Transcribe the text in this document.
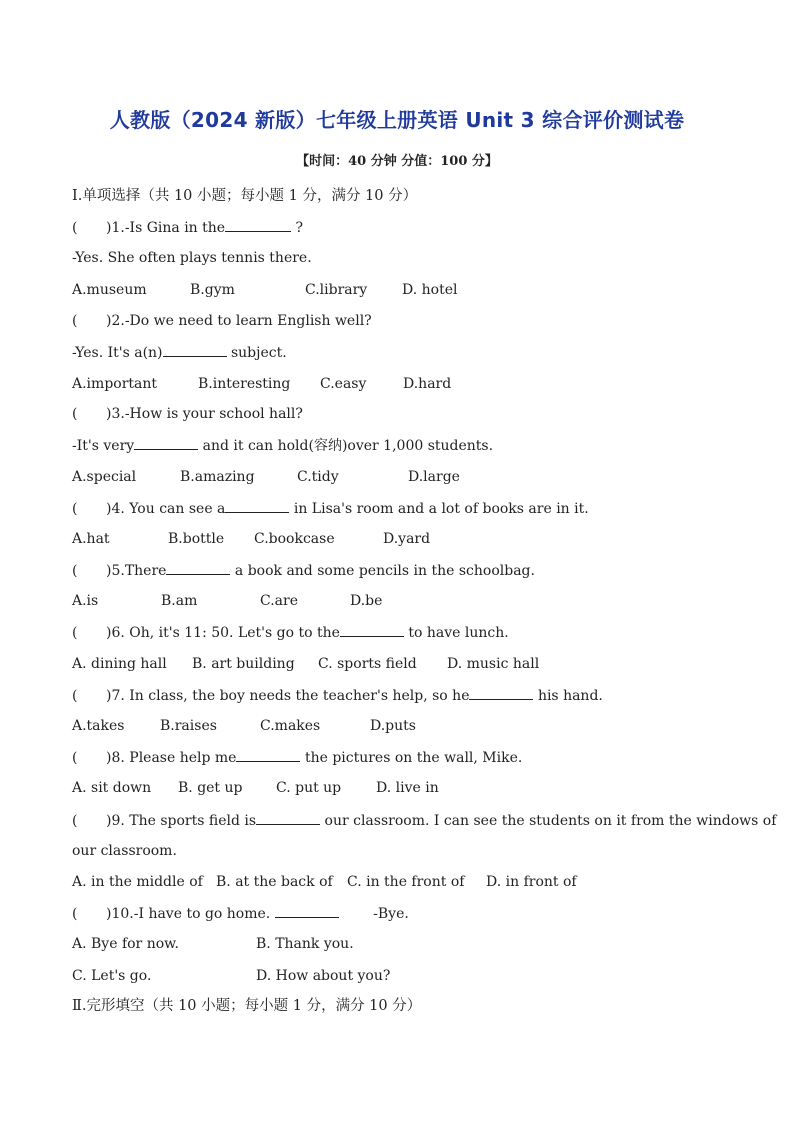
人教版（2024 新版）七年级上册英语 Unit 3 综合评价测试卷
【时间：40 分钟 分值：100 分】
I.单项选择（共 10 小题；每小题 1 分，满分 10 分）
( )1.-Is Gina in the	?
-Yes. She often plays tennis there.
A.museum	B.gym	C.library D. hotel
( )2.-Do we need to learn English well?
-Yes. It's a(n)	subject.
A.important	B.interesting C.easy	D.hard
( )3.-How is your school hall?
-It's very	and it can hold(容纳)over 1,000 students.
A.special	B.amazing	C.tidy	D.large
( )4. You can see a	in Lisa's room and a lot of books are in it.
A.hat	B.bottle C.bookcase	D.yard
( )5.There	a book and some pencils in the schoolbag.
A.is	B.am	C.are	D.be
( )6. Oh, it's 11: 50. Let's go to the	to have lunch.
A. dining hall B. art building C. sports field D. music hall
( )7. In class, the boy needs the teacher's help, so he	his hand.
A.takes	B.raises	C.makes	D.puts
( )8. Please help me	the pictures on the wall, Mike.
A. sit down B. get up C. put up D. live in
( )9. The sports field is	our classroom. I can see the students on it from the windows of
our classroom.
A. in the middle of B. at the back of C. in the front of D. in front of
( )10.-I have to go home.	-Bye.
A. Bye for now.	B. Thank you.
C. Let's go.	D. How about you?
Ⅱ.完形填空（共 10 小题；每小题 1 分，满分 10 分）
